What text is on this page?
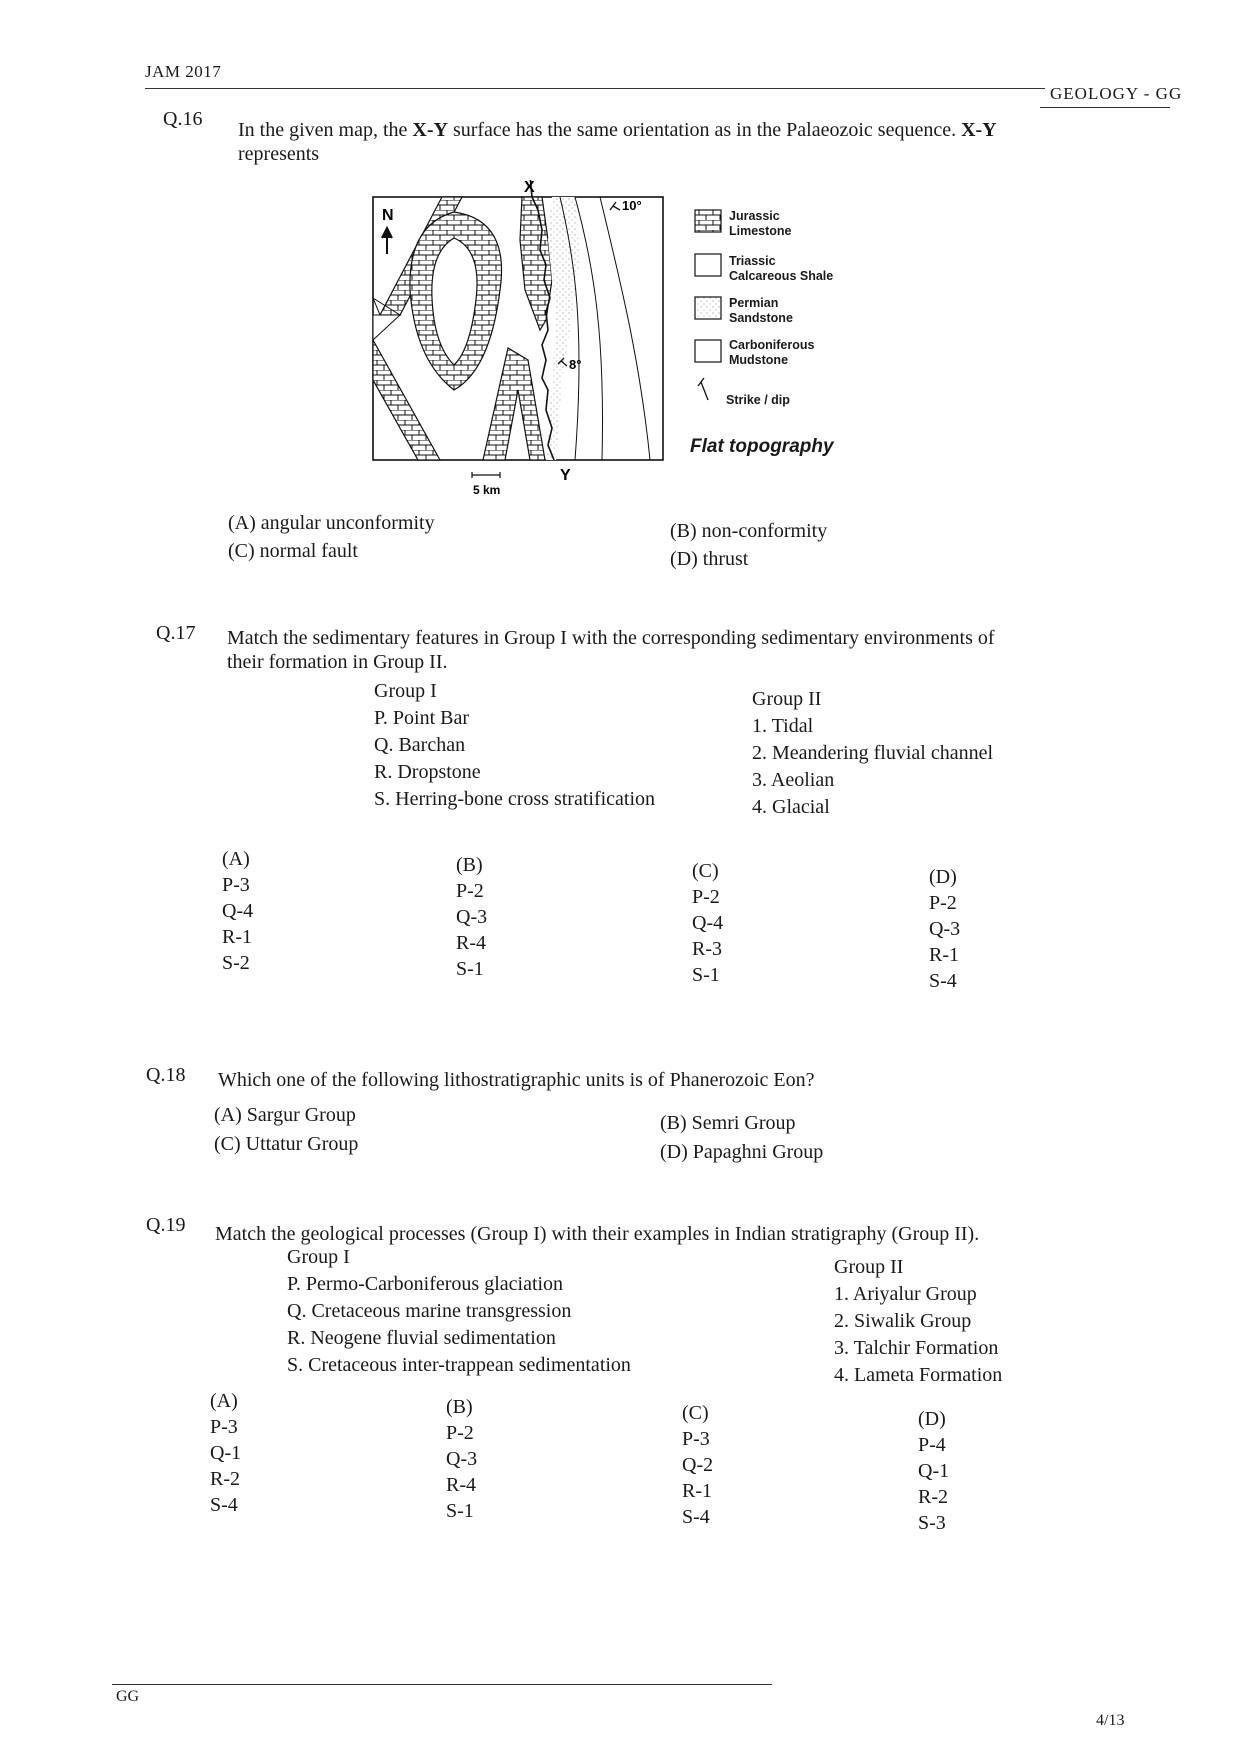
JAM 2017
GEOLOGY - GG
Q.16 In the given map, the X-Y surface has the same orientation as in the Palaeozoic sequence. X-Y
represents
10°
8°
N
X
Y
5 km
Jurassic
Limestone
Triassic
Calcareous Shale
Permian
Sandstone
Carboniferous
Mudstone
Strike / dip
Flat topography
(A) angular unconformity	(B) non-conformity
(C) normal fault	(D) thrust
Q.17 Match the sedimentary features in Group I with the corresponding sedimentary environments of
their formation in Group II.
Group I
P. Point Bar
Q. Barchan
R. Dropstone
S. Herring-bone cross stratification
Group II
1. Tidal
2. Meandering fluvial channel
3. Aeolian
4. Glacial
(A)
P-3
Q-4
R-1
S-2
(B)
P-2
Q-3
R-4
S-1
(C)
P-2
Q-4
R-3
S-1
(D)
P-2
Q-3
R-1
S-4
Q.18 Which one of the following lithostratigraphic units is of Phanerozoic Eon?
(A) Sargur Group	(B) Semri Group
(C) Uttatur Group	(D) Papaghni Group
Q.19 Match the geological processes (Group I) with their examples in Indian stratigraphy (Group II).
Group I
P. Permo-Carboniferous glaciation
Q. Cretaceous marine transgression
R. Neogene fluvial sedimentation
S. Cretaceous inter-trappean sedimentation
Group II
1. Ariyalur Group
2. Siwalik Group
3. Talchir Formation
4. Lameta Formation
(A)
P-3
Q-1
R-2
S-4
(B)
P-2
Q-3
R-4
S-1
(C)
P-3
Q-2
R-1
S-4
(D)
P-4
Q-1
R-2
S-3
GG
4/13
